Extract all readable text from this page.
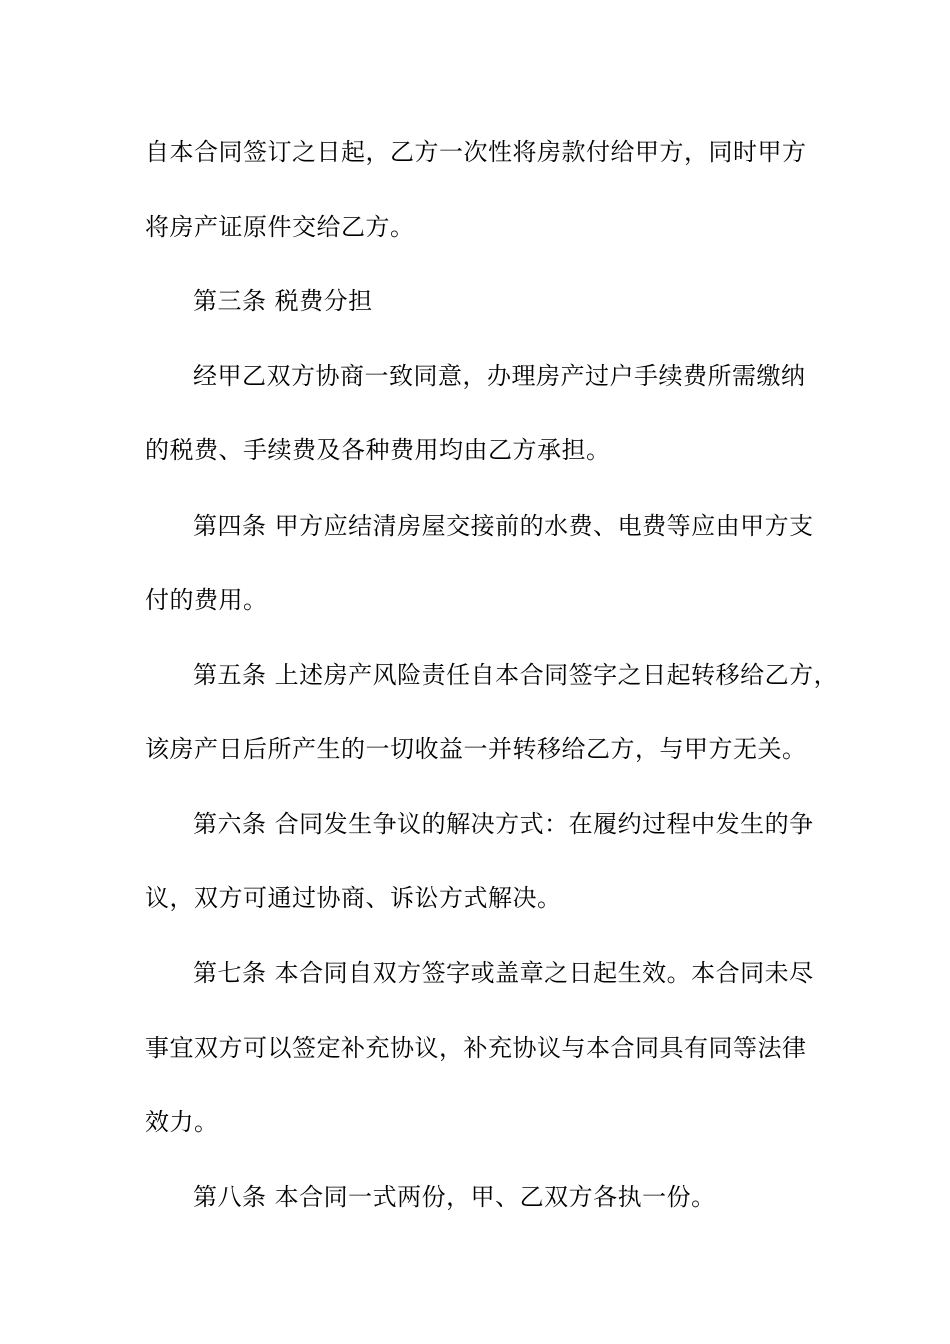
自本合同签订之日起，乙方一次性将房款付给甲方，同时甲方
将房产证原件交给乙方。
第三条 税费分担
经甲乙双方协商一致同意，办理房产过户手续费所需缴纳
的税费、手续费及各种费用均由乙方承担。
第四条 甲方应结清房屋交接前的水费、电费等应由甲方支
付的费用。
第五条 上述房产风险责任自本合同签字之日起转移给乙方，
该房产日后所产生的一切收益一并转移给乙方，与甲方无关。
第六条 合同发生争议的解决方式：在履约过程中发生的争
议，双方可通过协商、诉讼方式解决。
第七条 本合同自双方签字或盖章之日起生效。本合同未尽
事宜双方可以签定补充协议，补充协议与本合同具有同等法律
效力。
第八条 本合同一式两份，甲、乙双方各执一份。
